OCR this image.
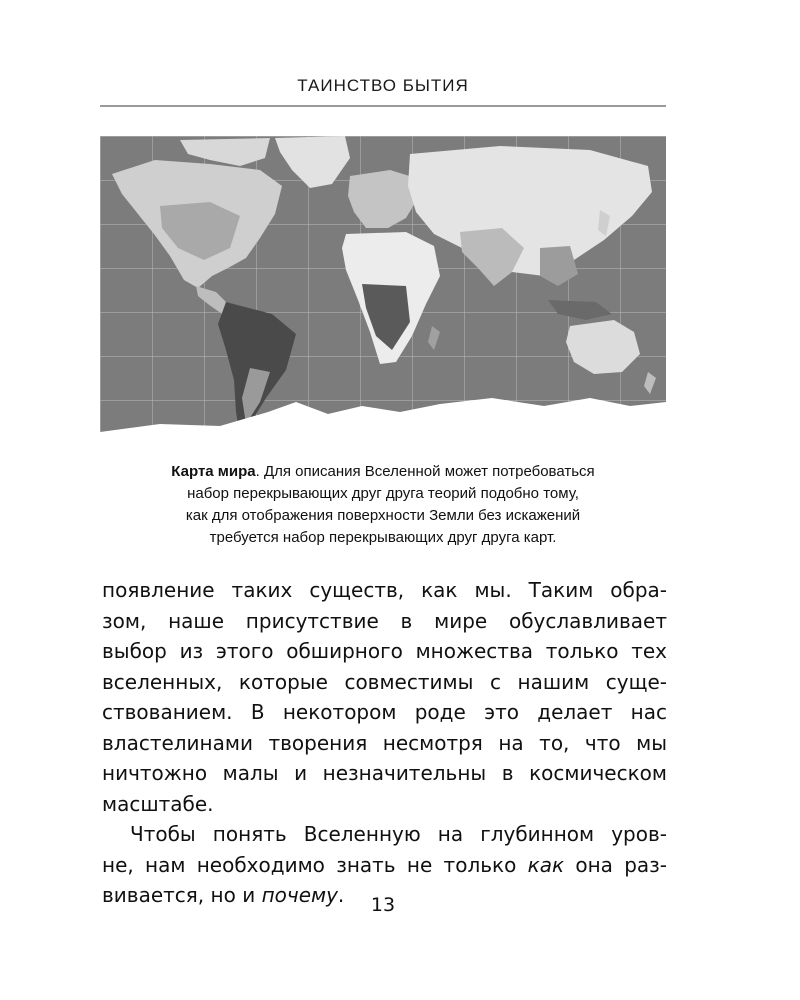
ТАИНСТВО БЫТИЯ
Карта мира. Для описания Вселенной может потребоваться
набор перекрывающих друг друга теорий подобно тому,
как для отображения поверхности Земли без искажений
требуется набор перекрывающих друг друга карт.
появление таких существ, как мы. Таким обра-
зом, наше присутствие в мире обуславливает
выбор из этого обширного множества только тех
вселенных, которые совместимы с нашим суще-
ствованием. В некотором роде это делает нас
властелинами творения несмотря на то, что мы
ничтожно малы и незначительны в космическом
масштабе.
Чтобы понять Вселенную на глубинном уров-
не, нам необходимо знать не только как она раз-
вивается, но и почему.	13
